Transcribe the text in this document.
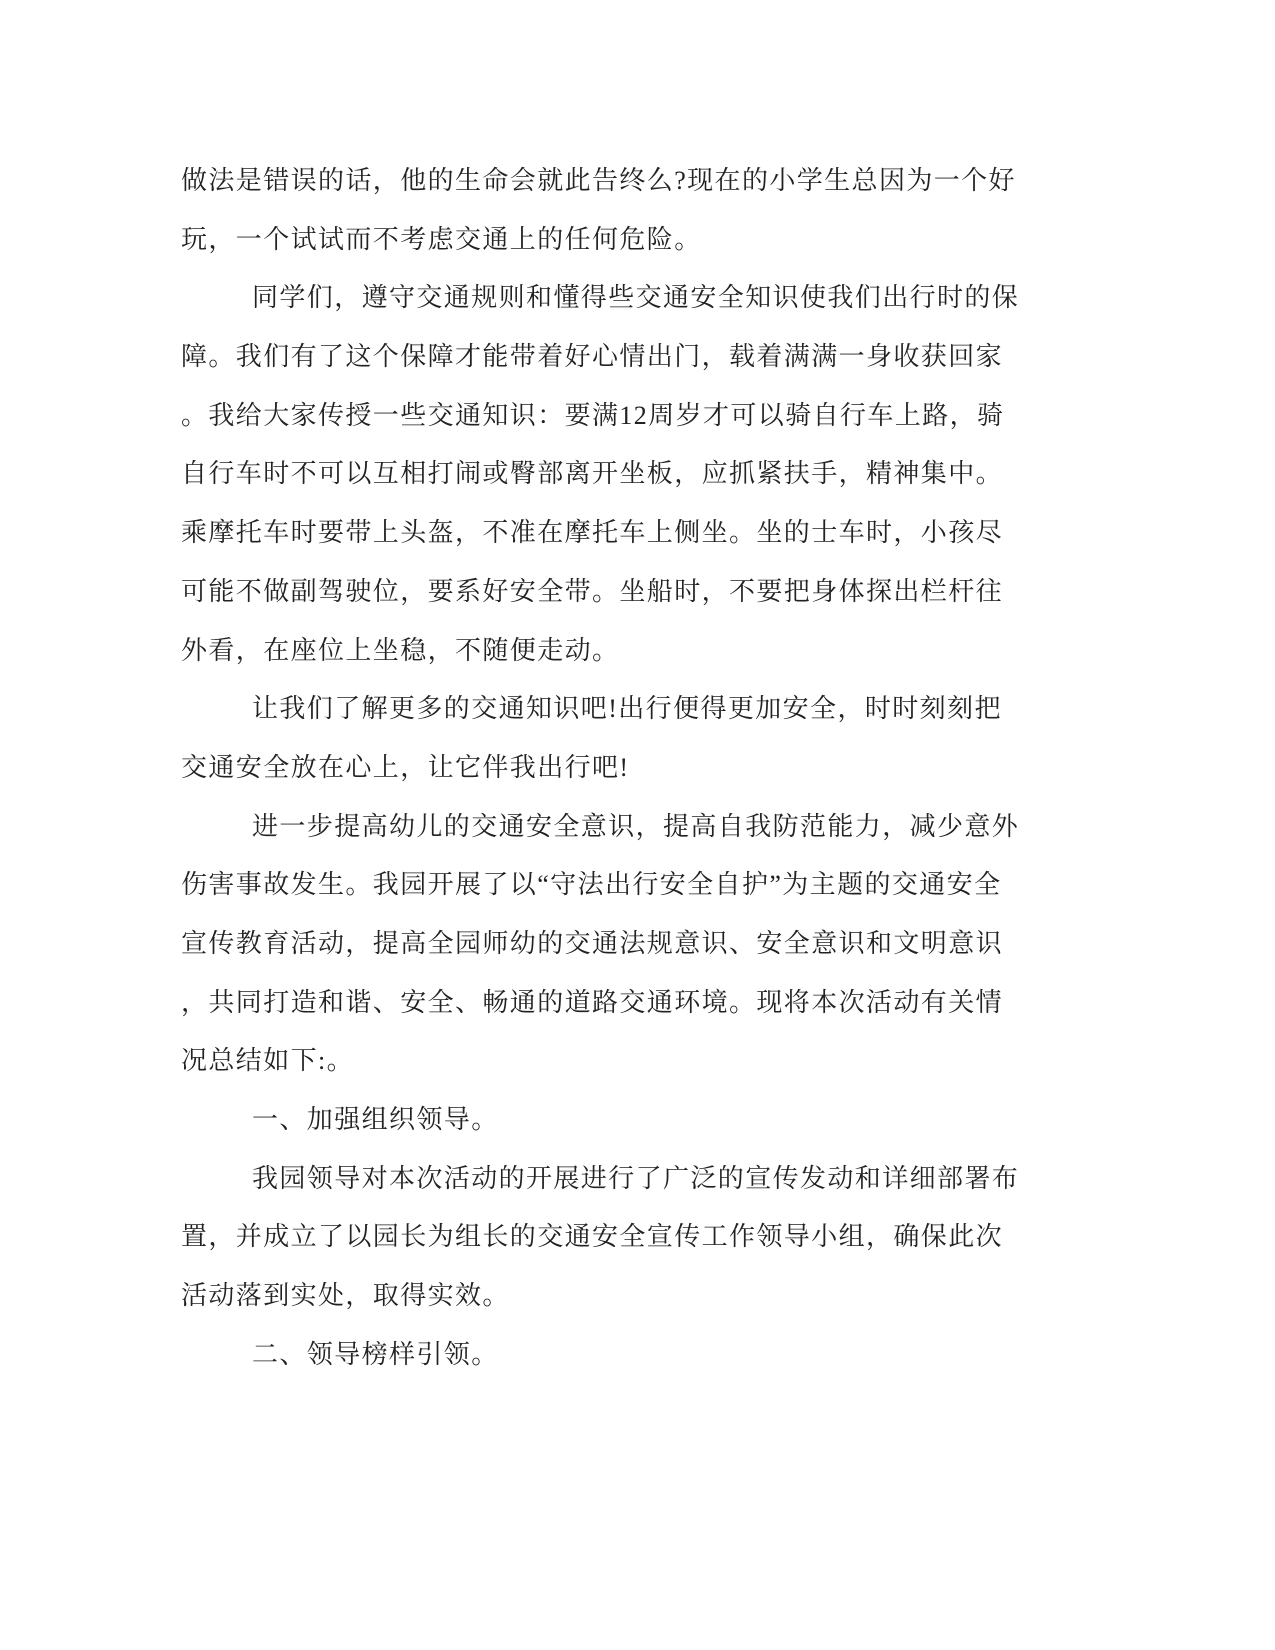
做法是错误的话，他的生命会就此告终么?现在的小学生总因为一个好
玩，一个试试而不考虑交通上的任何危险。
同学们，遵守交通规则和懂得些交通安全知识使我们出行时的保
障。我们有了这个保障才能带着好心情出门，载着满满一身收获回家
。我给大家传授一些交通知识：要满12周岁才可以骑自行车上路，骑
自行车时不可以互相打闹或臀部离开坐板，应抓紧扶手，精神集中。
乘摩托车时要带上头盔，不准在摩托车上侧坐。坐的士车时，小孩尽
可能不做副驾驶位，要系好安全带。坐船时，不要把身体探出栏杆往
外看，在座位上坐稳，不随便走动。
让我们了解更多的交通知识吧!出行便得更加安全，时时刻刻把
交通安全放在心上，让它伴我出行吧!
进一步提高幼儿的交通安全意识，提高自我防范能力，减少意外
伤害事故发生。我园开展了以“守法出行安全自护”为主题的交通安全
宣传教育活动，提高全园师幼的交通法规意识、安全意识和文明意识
，共同打造和谐、安全、畅通的道路交通环境。现将本次活动有关情
况总结如下:。
一、加强组织领导。
我园领导对本次活动的开展进行了广泛的宣传发动和详细部署布
置，并成立了以园长为组长的交通安全宣传工作领导小组，确保此次
活动落到实处，取得实效。
二、领导榜样引领。
